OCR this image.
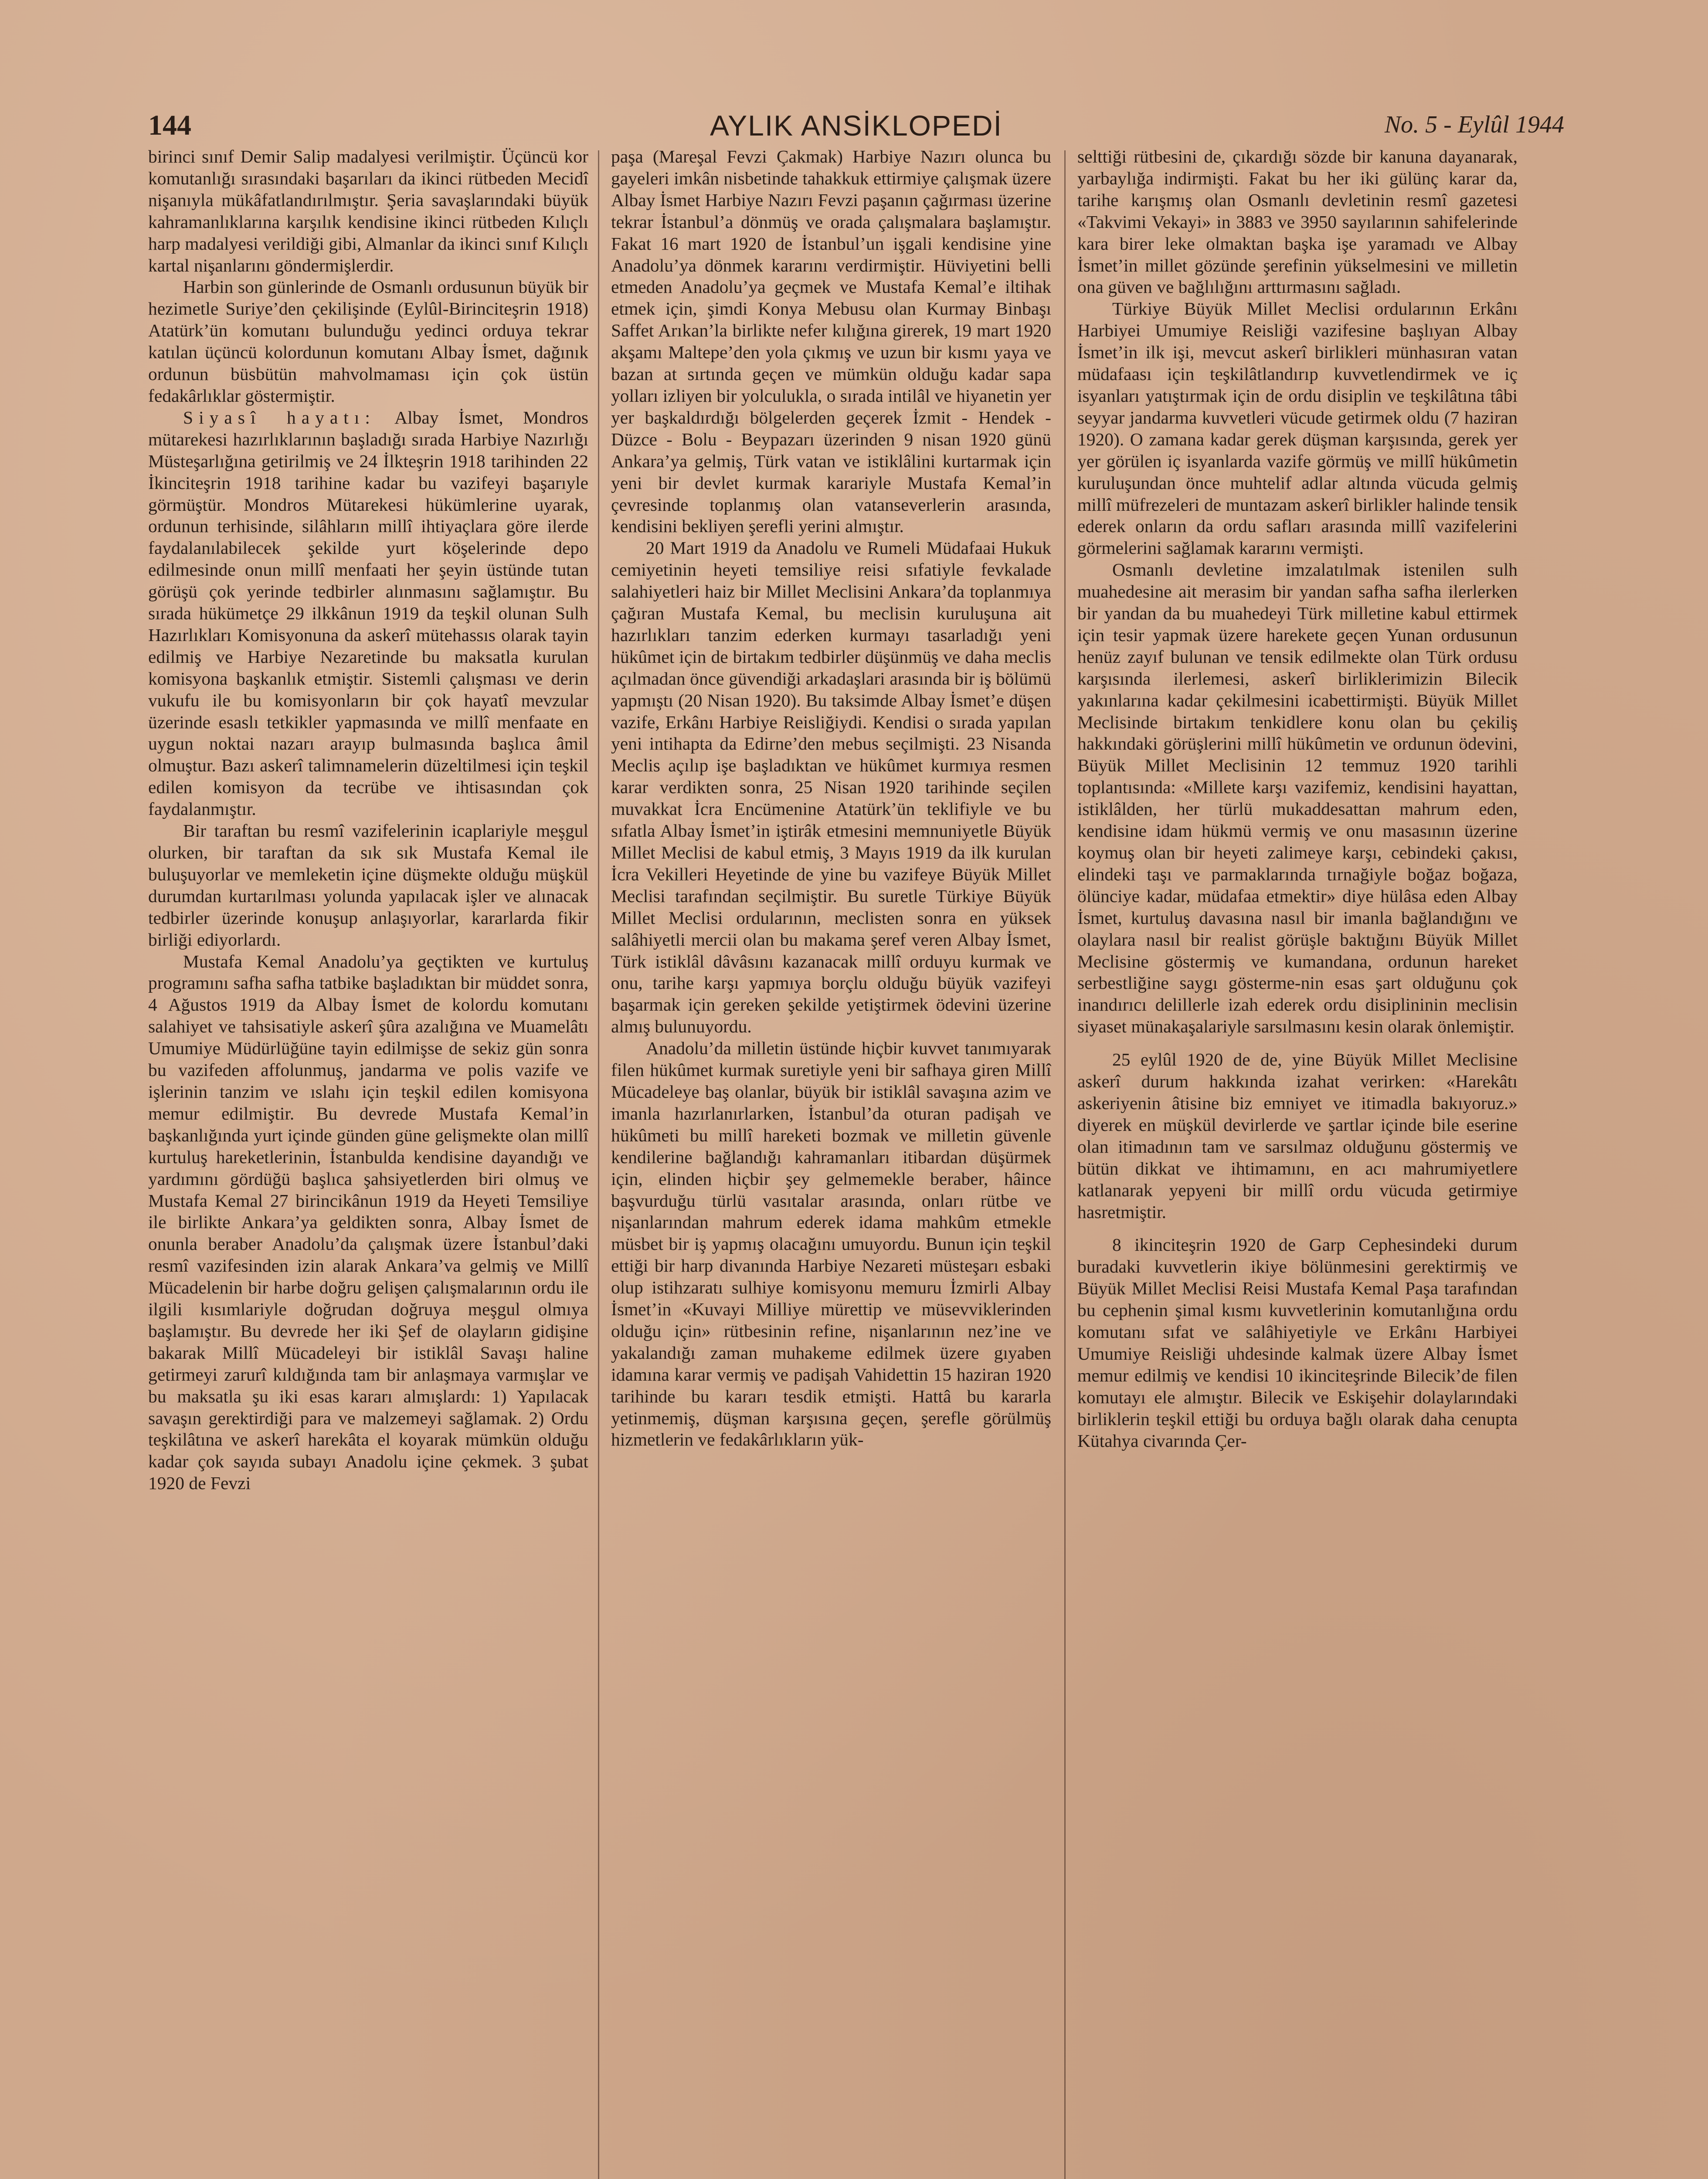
144	AYLIK ANSİKLOPEDİ	No. 5 - Eylûl 1944

birinci sınıf Demir Salip madalyesi verilmiştir. Üçüncü kor komutanlığı sırasındaki başarıları da ikinci rütbeden Mecidî nişanıyla mükâfatlandırılmıştır. Şeria savaşlarındaki büyük kahramanlıklarına karşılık kendisine ikinci rütbeden Kılıçlı harp madalyesi verildiği gibi, Almanlar da ikinci sınıf Kılıçlı kartal nişanlarını göndermişlerdir.

Harbin son günlerinde de Osmanlı ordusunun büyük bir hezimetle Suriye’den çekilişinde (Eylûl-Birinciteşrin 1918) Atatürk’ün komutanı bulunduğu yedinci orduya tekrar katılan üçüncü kolordunun komutanı Albay İsmet, dağınık ordunun büsbütün mahvolmaması için çok üstün fedakârlıklar göstermiştir.

Siyasî hayatı: Albay İsmet, Mondros mütarekesi hazırlıklarının başladığı sırada Harbiye Nazırlığı Müsteşarlığına getirilmiş ve 24 İlkteşrin 1918 tarihinden 22 İkinciteşrin 1918 tarihine kadar bu vazifeyi başarıyle görmüştür. Mondros Mütarekesi hükümlerine uyarak, ordunun terhisinde, silâhların millî ihtiyaçlara göre ilerde faydalanılabilecek şekilde yurt köşelerinde depo edilmesinde onun millî menfaati her şeyin üstünde tutan görüşü çok yerinde tedbirler alınmasını sağlamıştır. Bu sırada hükümetçe 29 ilkkânun 1919 da teşkil olunan Sulh Hazırlıkları Komisyonuna da askerî mütehassıs olarak tayin edilmiş ve Harbiye Nezaretinde bu maksatla kurulan komisyona başkanlık etmiştir. Sistemli çalışması ve derin vukufu ile bu komisyonların bir çok hayatî mevzular üzerinde esaslı tetkikler yapmasında ve millî menfaate en uygun noktai nazarı arayıp bulmasında başlıca âmil olmuştur. Bazı askerî talimnamelerin düzeltilmesi için teşkil edilen komisyon da tecrübe ve ihtisasından çok faydalanmıştır.

Bir taraftan bu resmî vazifelerinin icaplariyle meşgul olurken, bir taraftan da sık sık Mustafa Kemal ile buluşuyorlar ve memleketin içine düşmekte olduğu müşkül durumdan kurtarılması yolunda yapılacak işler ve alınacak tedbirler üzerinde konuşup anlaşıyorlar, kararlarda fikir birliği ediyorlardı.

Mustafa Kemal Anadolu’ya geçtikten ve kurtuluş programını safha safha tatbike başladıktan bir müddet sonra, 4 Ağustos 1919 da Albay İsmet de kolordu komutanı salahiyet ve tahsisatiyle askerî şûra azalığına ve Muamelâtı Umumiye Müdürlüğüne tayin edilmişse de sekiz gün sonra bu vazifeden affolunmuş, jandarma ve polis vazife ve işlerinin tanzim ve ıslahı için teşkil edilen komisyona memur edilmiştir. Bu devrede Mustafa Kemal’in başkanlığında yurt içinde günden güne gelişmekte olan millî kurtuluş hareketlerinin, İstanbulda kendisine dayandığı ve yardımını gördüğü başlıca şahsiyetlerden biri olmuş ve Mustafa Kemal 27 birincikânun 1919 da Heyeti Temsiliye ile birlikte Ankara’ya geldikten sonra, Albay İsmet de onunla beraber Anadolu’da çalışmak üzere İstanbul’daki resmî vazifesinden izin alarak Ankara’va gelmiş ve Millî Mücadelenin bir harbe doğru gelişen çalışmalarının ordu ile ilgili kısımlariyle doğrudan doğruya meşgul olmıya başlamıştır. Bu devrede her iki Şef de olayların gidişine bakarak Millî Mücadeleyi bir istiklâl Savaşı haline getirmeyi zarurî kıldığında tam bir anlaşmaya varmışlar ve bu maksatla şu iki esas kararı almışlardı: 1) Yapılacak savaşın gerektirdiği para ve malzemeyi sağlamak. 2) Ordu teşkilâtına ve askerî harekâta el koyarak mümkün olduğu kadar çok sayıda subayı Anadolu içine çekmek. 3 şubat 1920 de Fevzi

paşa (Mareşal Fevzi Çakmak) Harbiye Nazırı olunca bu gayeleri imkân nisbetinde tahakkuk ettirmiye çalışmak üzere Albay İsmet Harbiye Nazırı Fevzi paşanın çağırması üzerine tekrar İstanbul’a dönmüş ve orada çalışmalara başlamıştır. Fakat 16 mart 1920 de İstanbul’un işgali kendisine yine Anadolu’ya dönmek kararını verdirmiştir. Hüviyetini belli etmeden Anadolu’ya geçmek ve Mustafa Kemal’e iltihak etmek için, şimdi Konya Mebusu olan Kurmay Binbaşı Saffet Arıkan’la birlikte nefer kılığına girerek, 19 mart 1920 akşamı Maltepe’den yola çıkmış ve uzun bir kısmı yaya ve bazan at sırtında geçen ve mümkün olduğu kadar sapa yolları izliyen bir yolculukla, o sırada intilâl ve hiyanetin yer yer başkaldırdığı bölgelerden geçerek İzmit - Hendek - Düzce - Bolu - Beypazarı üzerinden 9 nisan 1920 günü Ankara’ya gelmiş, Türk vatan ve istiklâlini kurtarmak için yeni bir devlet kurmak karariyle Mustafa Kemal’in çevresinde toplanmış olan vatanseverlerin arasında, kendisini bekliyen şerefli yerini almıştır.

20 Mart 1919 da Anadolu ve Rumeli Müdafaai Hukuk cemiyetinin heyeti temsiliye reisi sıfatiyle fevkalade salahiyetleri haiz bir Millet Meclisini Ankara’da toplanmıya çağıran Mustafa Kemal, bu meclisin kuruluşuna ait hazırlıkları tanzim ederken kurmayı tasarladığı yeni hükûmet için de birtakım tedbirler düşünmüş ve daha meclis açılmadan önce güvendiği arkadaşlari arasında bir iş bölümü yapmıştı (20 Nisan 1920). Bu taksimde Albay İsmet’e düşen vazife, Erkânı Harbiye Reisliğiydi. Kendisi o sırada yapılan yeni intihapta da Edirne’den mebus seçilmişti. 23 Nisanda Meclis açılıp işe başladıktan ve hükûmet kurmıya resmen karar verdikten sonra, 25 Nisan 1920 tarihinde seçilen muvakkat İcra Encümenine Atatürk’ün teklifiyle ve bu sıfatla Albay İsmet’in iştirâk etmesini memnuniyetle Büyük Millet Meclisi de kabul etmiş, 3 Mayıs 1919 da ilk kurulan İcra Vekilleri Heyetinde de yine bu vazifeye Büyük Millet Meclisi tarafından seçilmiştir. Bu suretle Türkiye Büyük Millet Meclisi ordularının, meclisten sonra en yüksek salâhiyetli mercii olan bu makama şeref veren Albay İsmet, Türk istiklâl dâvâsını kazanacak millî orduyu kurmak ve onu, tarihe karşı yapmıya borçlu olduğu büyük vazifeyi başarmak için gereken şekilde yetiştirmek ödevini üzerine almış bulunuyordu.

Anadolu’da milletin üstünde hiçbir kuvvet tanımıyarak filen hükûmet kurmak suretiyle yeni bir safhaya giren Millî Mücadeleye baş olanlar, büyük bir istiklâl savaşına azim ve imanla hazırlanırlarken, İstanbul’da oturan padişah ve hükûmeti bu millî hareketi bozmak ve milletin güvenle kendilerine bağlandığı kahramanları itibardan düşürmek için, elinden hiçbir şey gelmemekle beraber, hâince başvurduğu türlü vasıtalar arasında, onları rütbe ve nişanlarından mahrum ederek idama mahkûm etmekle müsbet bir iş yapmış olacağını umuyordu. Bunun için teşkil ettiği bir harp divanında Harbiye Nezareti müsteşarı esbaki olup istihzaratı sulhiye komisyonu memuru İzmirli Albay İsmet’in «Kuvayi Milliye mürettip ve müsevviklerinden olduğu için» rütbesinin refine, nişanlarının nez’ine ve yakalandığı zaman muhakeme edilmek üzere gıyaben idamına karar vermiş ve padişah Vahidettin 15 haziran 1920 tarihinde bu kararı tesdik etmişti. Hattâ bu kararla yetinmemiş, düşman karşısına geçen, şerefle görülmüş hizmetlerin ve fedakârlıkların yük-

selttiği rütbesini de, çıkardığı sözde bir kanuna dayanarak, yarbaylığa indirmişti. Fakat bu her iki gülünç karar da, tarihe karışmış olan Osmanlı devletinin resmî gazetesi «Takvimi Vekayi» in 3883 ve 3950 sayılarının sahifelerinde kara birer leke olmaktan başka işe yaramadı ve Albay İsmet’in millet gözünde şerefinin yükselmesini ve milletin ona güven ve bağlılığını arttırmasını sağladı.

Türkiye Büyük Millet Meclisi ordularının Erkânı Harbiyei Umumiye Reisliği vazifesine başlıyan Albay İsmet’in ilk işi, mevcut askerî birlikleri münhasıran vatan müdafaası için teşkilâtlandırıp kuvvetlendirmek ve iç isyanları yatıştırmak için de ordu disiplin ve teşkilâtına tâbi seyyar jandarma kuvvetleri vücude getirmek oldu (7 haziran 1920). O zamana kadar gerek düşman karşısında, gerek yer yer görülen iç isyanlarda vazife görmüş ve millî hükûmetin kuruluşundan önce muhtelif adlar altında vücuda gelmiş millî müfrezeleri de muntazam askerî birlikler halinde tensik ederek onların da ordu safları arasında millî vazifelerini görmelerini sağlamak kararını vermişti.

Osmanlı devletine imzalatılmak istenilen sulh muahedesine ait merasim bir yandan safha safha ilerlerken bir yandan da bu muahedeyi Türk milletine kabul ettirmek için tesir yapmak üzere harekete geçen Yunan ordusunun henüz zayıf bulunan ve tensik edilmekte olan Türk ordusu karşısında ilerlemesi, askerî birliklerimizin Bilecik yakınlarına kadar çekilmesini icabettirmişti. Büyük Millet Meclisinde birtakım tenkidlere konu olan bu çekiliş hakkındaki görüşlerini millî hükûmetin ve ordunun ödevini, Büyük Millet Meclisinin 12 temmuz 1920 tarihli toplantısında: «Millete karşı vazifemiz, kendisini hayattan, istiklâlden, her türlü mukaddesattan mahrum eden, kendisine idam hükmü vermiş ve onu masasının üzerine koymuş olan bir heyeti zalimeye karşı, cebindeki çakısı, elindeki taşı ve parmaklarında tırnağiyle boğaz boğaza, ölünciye kadar, müdafaa etmektir» diye hülâsa eden Albay İsmet, kurtuluş davasına nasıl bir imanla bağlandığını ve olaylara nasıl bir realist görüşle baktığını Büyük Millet Meclisine göstermiş ve kumandana, ordunun hareket serbestliğine saygı gösterme-nin esas şart olduğunu çok inandırıcı delillerle izah ederek ordu disiplininin meclisin siyaset münakaşalariyle sarsılmasını kesin olarak önlemiştir.

25 eylûl 1920 de de, yine Büyük Millet Meclisine askerî durum hakkında izahat verirken: «Harekâtı askeriyenin âtisine biz emniyet ve itimadla bakıyoruz.» diyerek en müşkül devirlerde ve şartlar içinde bile eserine olan itimadının tam ve sarsılmaz olduğunu göstermiş ve bütün dikkat ve ihtimamını, en acı mahrumiyetlere katlanarak yepyeni bir millî ordu vücuda getirmiye hasretmiştir.

8 ikinciteşrin 1920 de Garp Cephesindeki durum buradaki kuvvetlerin ikiye bölünmesini gerektirmiş ve Büyük Millet Meclisi Reisi Mustafa Kemal Paşa tarafından bu cephenin şimal kısmı kuvvetlerinin komutanlığına ordu komutanı sıfat ve salâhiyetiyle ve Erkânı Harbiyei Umumiye Reisliği uhdesinde kalmak üzere Albay İsmet memur edilmiş ve kendisi 10 ikinciteşrinde Bilecik’de filen komutayı ele almıştır. Bilecik ve Eskişehir dolaylarındaki birliklerin teşkil ettiği bu orduya bağlı olarak daha cenupta Kütahya civarında Çer-
